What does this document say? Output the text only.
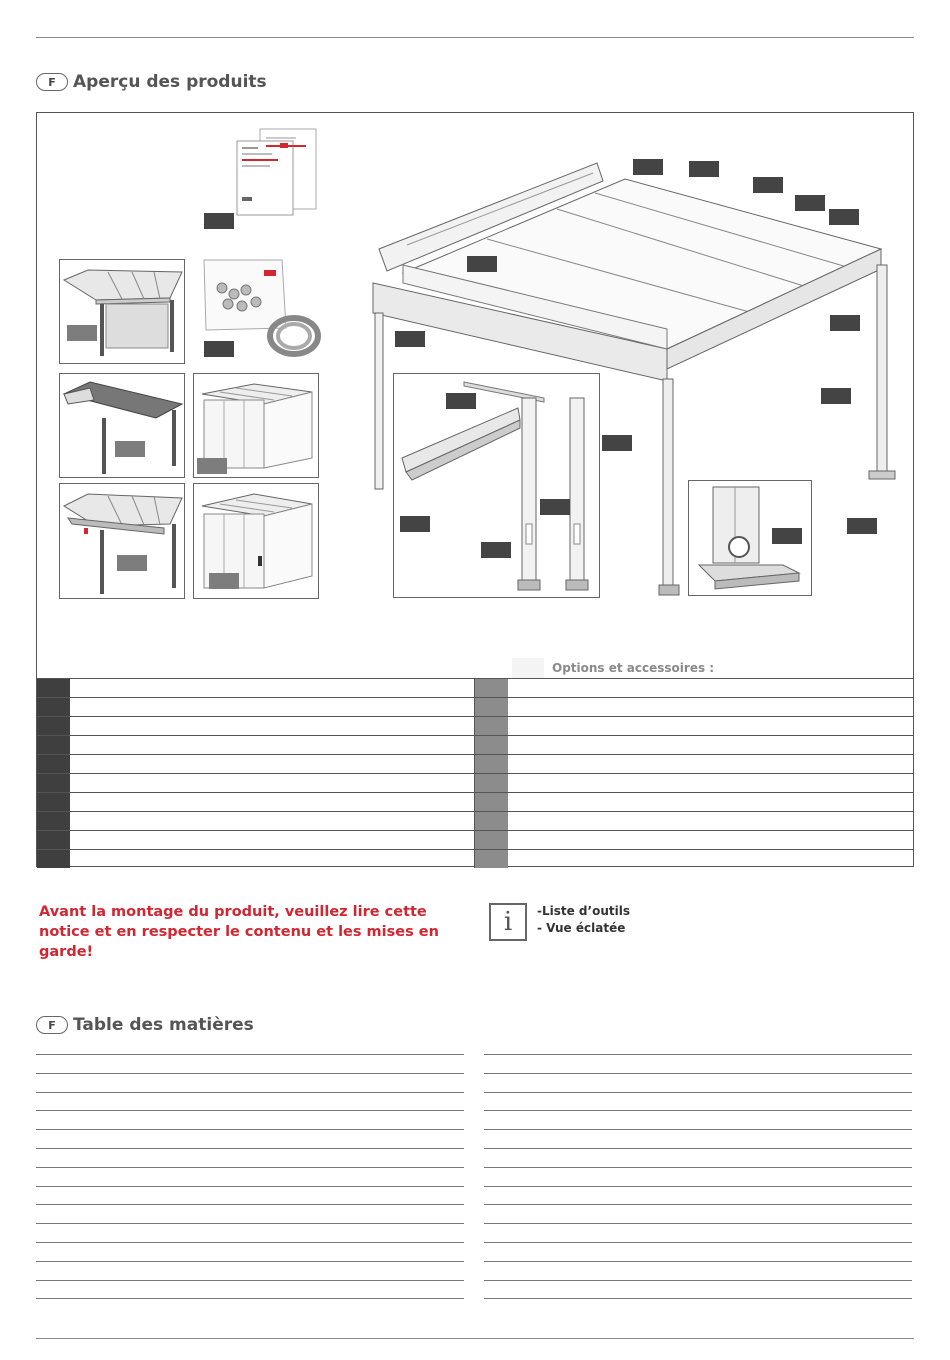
F	Aperçu des produits
Options et accessoires :
Avant la montage du produit, veuillez lire cette notice et en respecter le contenu et les mises en garde!
i -Liste d’outils
- Vue éclatée
F	Table des matières
